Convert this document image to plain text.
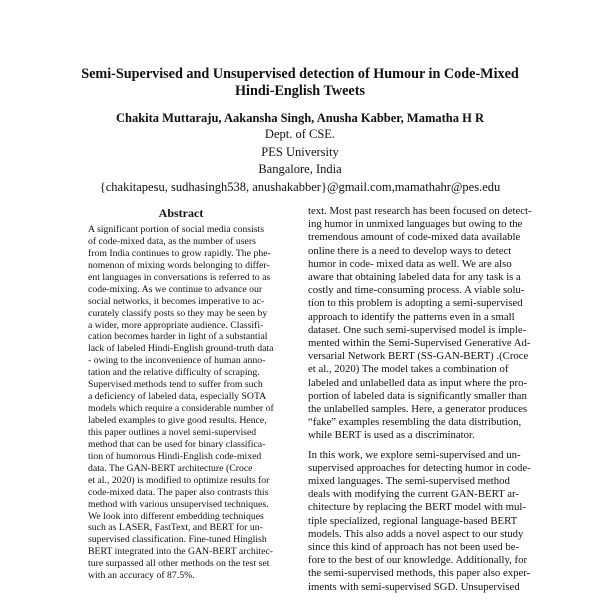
Semi-Supervised and Unsupervised detection of Humour in Code-Mixed
Hindi-English Tweets
Chakita Muttaraju, Aakansha Singh, Anusha Kabber, Mamatha H R
Dept. of CSE.
PES University
Bangalore, India
{chakitapesu, sudhasingh538, anushakabber}@gmail.com,mamathahr@pes.edu
Abstract
A significant portion of social media consists
of code-mixed data, as the number of users
from India continues to grow rapidly. The phe-
nomenon of mixing words belonging to differ-
ent languages in conversations is referred to as
code-mixing. As we continue to advance our
social networks, it becomes imperative to ac-
curately classify posts so they may be seen by
a wider, more appropriate audience. Classifi-
cation becomes harder in light of a substantial
lack of labeled Hindi-English ground-truth data
- owing to the inconvenience of human anno-
tation and the relative difficulty of scraping.
Supervised methods tend to suffer from such
a deficiency of labeled data, especially SOTA
models which require a considerable number of
labeled examples to give good results. Hence,
this paper outlines a novel semi-supervised
method that can be used for binary classifica-
tion of humorous Hindi-English code-mixed
data. The GAN-BERT architecture (Croce
et al., 2020) is modified to optimize results for
code-mixed data. The paper also contrasts this
method with various unsupervised techniques.
We look into different embedding techniques
such as LASER, FastText, and BERT for un-
supervised classification. Fine-tuned Hinglish
BERT integrated into the GAN-BERT architec-
ture surpassed all other methods on the test set
with an accuracy of 87.5%.
text. Most past research has been focused on detect-
ing humor in unmixed languages but owing to the
tremendous amount of code-mixed data available
online there is a need to develop ways to detect
humor in code- mixed data as well. We are also
aware that obtaining labeled data for any task is a
costly and time-consuming process. A viable solu-
tion to this problem is adopting a semi-supervised
approach to identify the patterns even in a small
dataset. One such semi-supervised model is imple-
mented within the Semi-Supervised Generative Ad-
versarial Network BERT (SS-GAN-BERT) .(Croce
et al., 2020) The model takes a combination of
labeled and unlabelled data as input where the pro-
portion of labeled data is significantly smaller than
the unlabelled samples. Here, a generator produces
“fake” examples resembling the data distribution,
while BERT is used as a discriminator.
In this work, we explore semi-supervised and un-
supervised approaches for detecting humor in code-
mixed languages. The semi-supervised method
deals with modifying the current GAN-BERT ar-
chitecture by replacing the BERT model with mul-
tiple specialized, regional language-based BERT
models. This also adds a novel aspect to our study
since this kind of approach has not been used be-
fore to the best of our knowledge. Additionally, for
the semi-supervised methods, this paper also exper-
iments with semi-supervised SGD. Unsupervised
